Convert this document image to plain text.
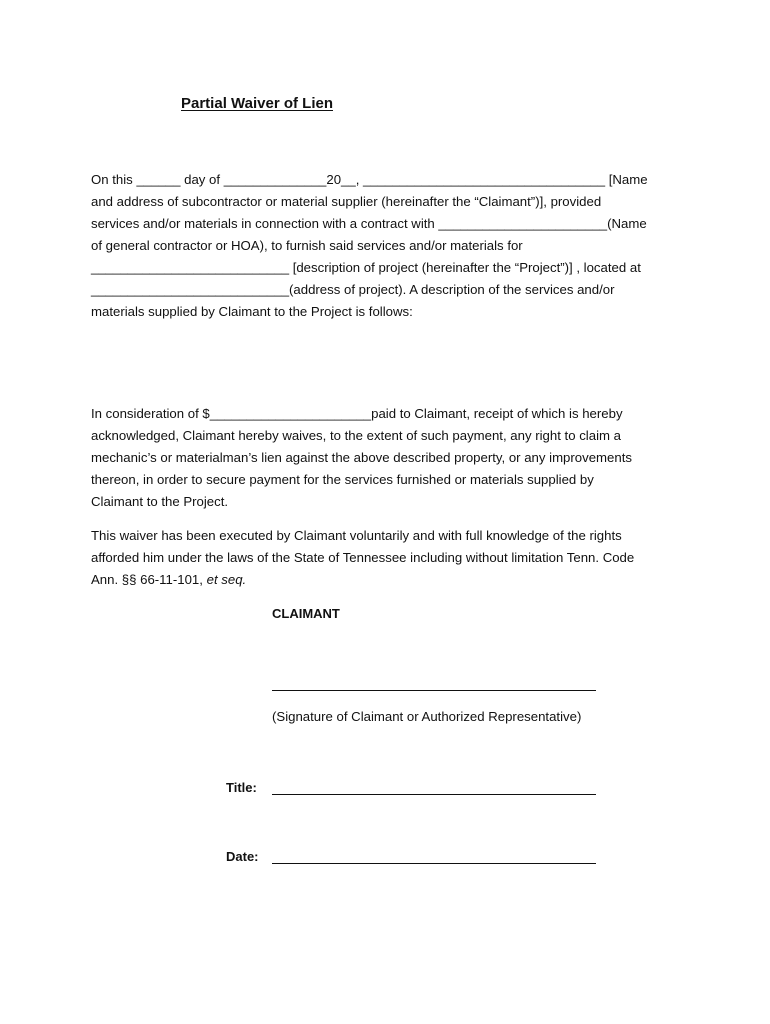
Partial Waiver of Lien

On this ______ day of ______________20__, _________________________________ [Name
and address of subcontractor or material supplier (hereinafter the “Claimant”)], provided
services and/or materials in connection with a contract with _______________________(Name
of general contractor or HOA), to furnish said services and/or materials for
___________________________ [description of project (hereinafter the “Project”)] , located at
___________________________(address of project). A description of the services and/or
materials supplied by Claimant to the Project is follows:

In consideration of $______________________paid to Claimant, receipt of which is hereby
acknowledged, Claimant hereby waives, to the extent of such payment, any right to claim a
mechanic’s or materialman’s lien against the above described property, or any improvements
thereon, in order to secure payment for the services furnished or materials supplied by
Claimant to the Project.

This waiver has been executed by Claimant voluntarily and with full knowledge of the rights
afforded him under the laws of the State of Tennessee including without limitation Tenn. Code
Ann. §§ 66-11-101, et seq.

CLAIMANT
(Signature of Claimant or Authorized Representative)
Title:
Date:
